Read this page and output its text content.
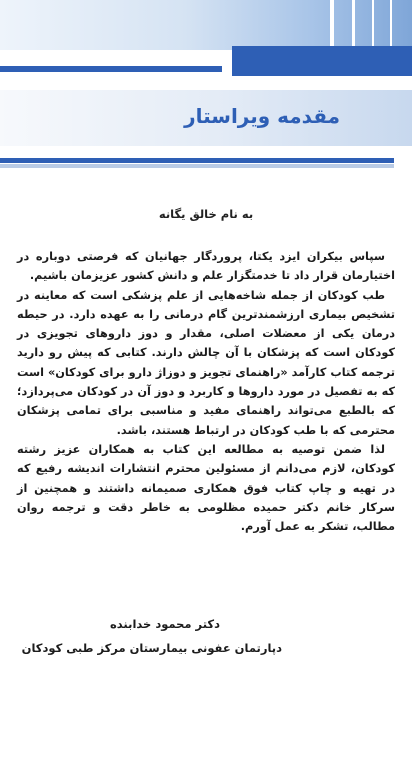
مقدمه ویراستار
به نام خالق یگانه

سپاس بیکران ایزد یکتا، پروردگار جهانیان که فرصتی دوباره در اختیارمان قرار داد تا خدمتگزار علم و دانش کشور عزیزمان باشیم.

طب کودکان از جمله شاخه‌هایی از علم پزشکی است که معاینه در تشخیص بیماری ارزشمندترین گام درمانی را به عهده دارد. در حیطه درمان یکی از معضلات اصلی، مقدار و دوز داروهای تجویزی در کودکان است که پزشکان با آن چالش دارند. کتابی که پیش رو دارید ترجمه کتاب کارآمد «راهنمای تجویز و دوزاژ دارو برای کودکان» است که به تفصیل در مورد داروها و کاربرد و دوز آن در کودکان می‌پردازد؛ که بالطبع می‌تواند راهنمای مفید و مناسبی برای تمامی پزشکان محترمی که با طب کودکان در ارتباط هستند، باشد.

لذا ضمن توصیه به مطالعه این کتاب به همکاران عزیز رشته کودکان، لازم می‌دانم از مسئولین محترم انتشارات اندیشه رفیع که در تهیه و چاپ کتاب فوق همکاری صمیمانه داشتند و همچنین از سرکار خانم دکتر حمیده مظلومی به خاطر دقت و ترجمه روان مطالب، تشکر به عمل آورم.

دکتر محمود خدابنده
دپارتمان عفونی بیمارستان مرکز طبی کودکان
